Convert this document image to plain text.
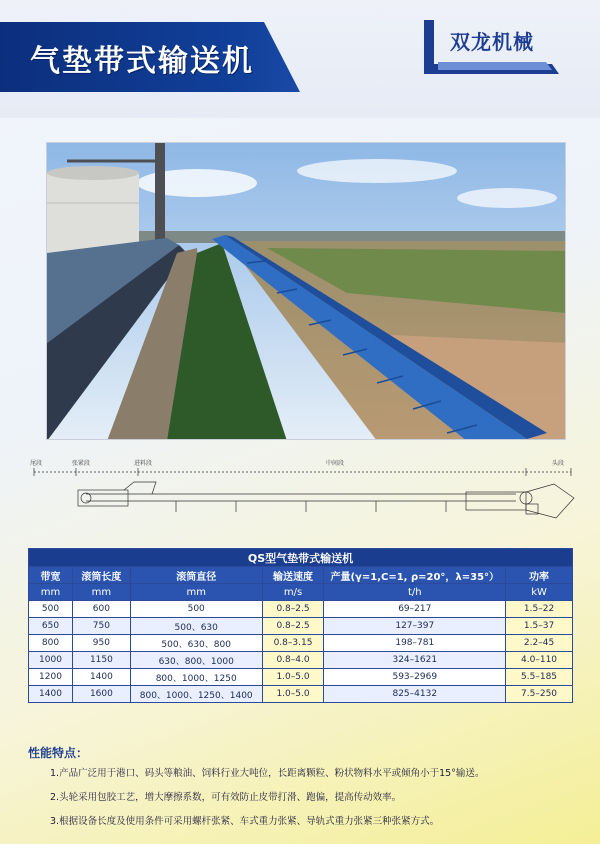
气垫带式输送机
双龙机械
尾段	张紧段	进料段	中间段	头段
QS型气垫带式输送机					
带宽	滚筒长度	滚筒直径	输送速度	产量(γ=1,C=1, ρ=20°，λ=35°）	功率
mm	mm	mm	m/s	t/h	kW
500	600	500	0.8–2.5	69–217	1.5–22
650	750	500、630	0.8–2.5	127–397	1.5–37
800	950	500、630、800	0.8–3.15	198–781	2.2–45
1000	1150	630、800、1000	0.8–4.0	324–1621	4.0–110
1200	1400	800、1000、1250	1.0–5.0	593–2969	5.5–185
1400	1600	800、1000、1250、1400	1.0–5.0	825–4132	7.5–250
性能特点：
1.产品广泛用于港口、码头等粮油、饲料行业大吨位，长距离颗粒、粉状物料水平或倾角小于15°输送。
2.头轮采用包胶工艺，增大摩擦系数，可有效防止皮带打滑、跑偏，提高传动效率。
3.根据设备长度及使用条件可采用螺杆张紧、车式重力张紧、导轨式重力张紧三种张紧方式。
